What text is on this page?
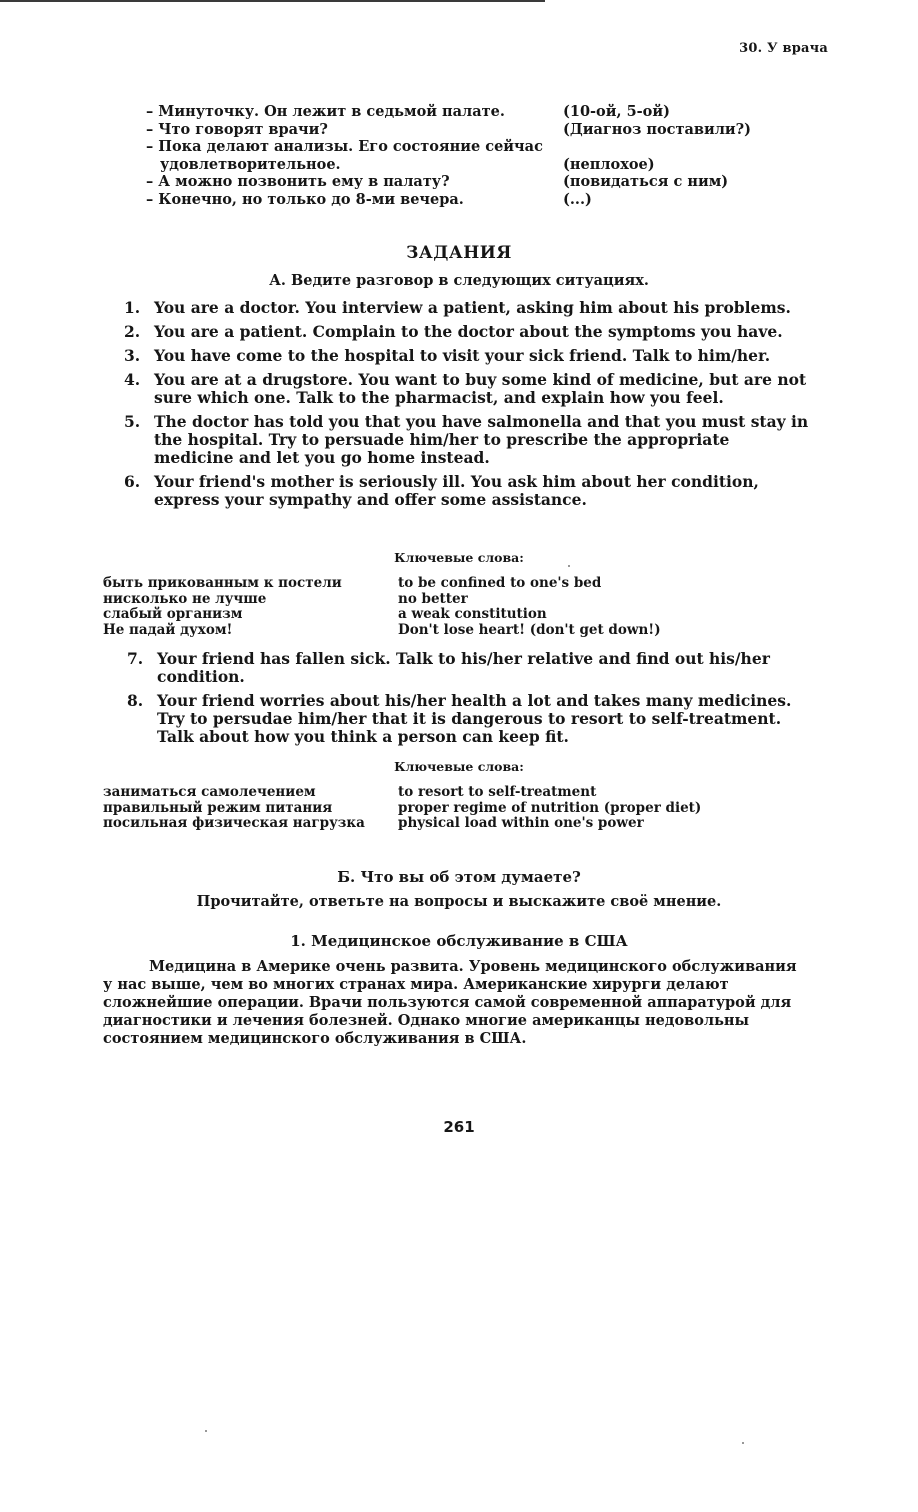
30. У врача
– Минуточку. Он лежит в седьмой палате.	(10-ой, 5-ой)
– Что говорят врачи?	(Диагноз поставили?)
– Пока делают анализы. Его состояние сейчас удовлетворительное.	(неплохое)
– А можно позвонить ему в палату?	(повидаться с ним)
– Конечно, но только до 8-ми вечера.	(...)
ЗАДАНИЯ
А. Ведите разговор в следующих ситуациях.
1. You are a doctor. You interview a patient, asking him about his problems.
2. You are a patient. Complain to the doctor about the symptoms you have.
3. You have come to the hospital to visit your sick friend. Talk to him/her.
4. You are at a drugstore. You want to buy some kind of medicine, but are not sure which one. Talk to the pharmacist, and explain how you feel.
5. The doctor has told you that you have salmonella and that you must stay in the hospital. Try to persuade him/her to prescribe the appropriate medicine and let you go home instead.
6. Your friend's mother is seriously ill. You ask him about her condition, express your sympathy and offer some assistance.
Ключевые слова:
быть прикованным к постели	to be confined to one's bed
нисколько не лучше	no better
слабый организм	a weak constitution
Не падай духом!	Don't lose heart! (don't get down!)
7. Your friend has fallen sick. Talk to his/her relative and find out his/her condition.
8. Your friend worries about his/her health a lot and takes many medicines. Try to persudae him/her that it is dangerous to resort to self-treatment. Talk about how you think a person can keep fit.
Ключевые слова:
заниматься самолечением	to resort to self-treatment
правильный режим питания	proper regime of nutrition (proper diet)
посильная физическая нагрузка	physical load within one's power
Б. Что вы об этом думаете?
Прочитайте, ответьте на вопросы и выскажите своё мнение.
1. Медицинское обслуживание в США
Медицина в Америке очень развита. Уровень медицинского обслуживания у нас выше, чем во многих странах мира. Американские хирурги делают сложнейшие операции. Врачи пользуются самой современной аппаратурой для диагностики и лечения болезней. Однако многие американцы недовольны состоянием медицинского обслуживания в США.
261
